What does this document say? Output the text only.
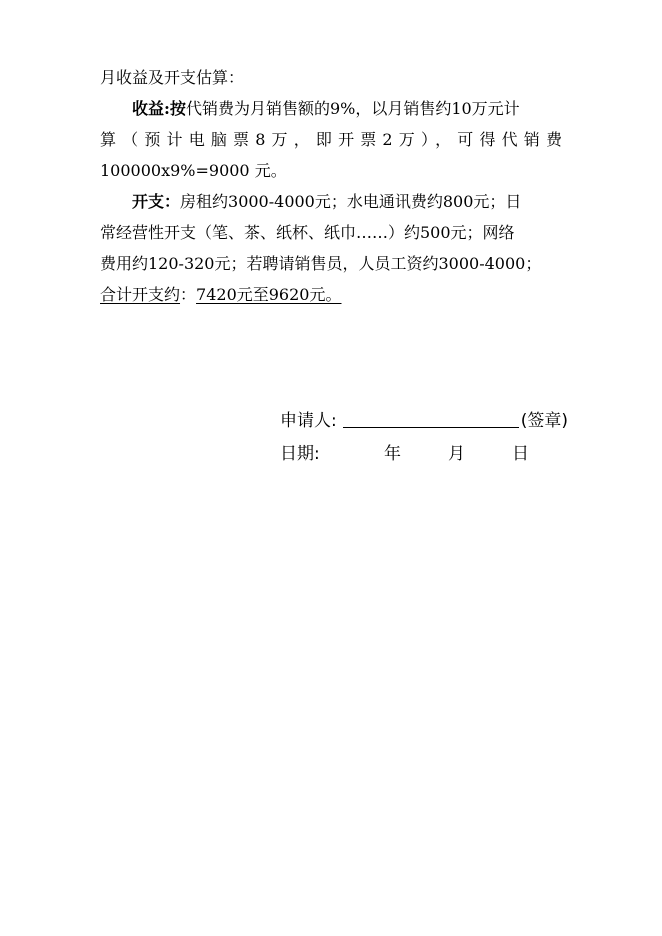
月收益及开支估算：
收益:按代销费为月销售额的9%，以月销售约10万元计
算（预计电脑票8万，即开票2万），可得代销费
100000x9%=9000 元。
开支：房租约3000-4000元；水电通讯费约800元；日
常经营性开支（笔、茶、纸杯、纸巾……）约500元；网络
费用约120-320元；若聘请销售员，人员工资约3000-4000；
合计开支约：7420元至9620元。
申请人:	(签章)
日期:	年	月	日
